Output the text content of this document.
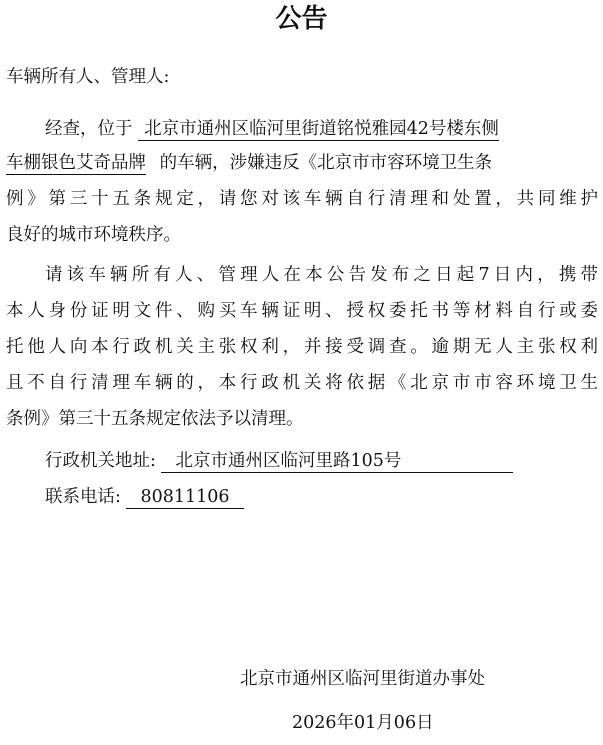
公告
车辆所有人、管理人:
经查，位于 北京市通州区临河里街道铭悦雅园42号楼东侧
车棚银色艾奇品牌 的车辆，涉嫌违反《北京市市容环境卫生条
例》第三十五条规定，请您对该车辆自行清理和处置，共同维护
良好的城市环境秩序。
请该车辆所有人、管理人在本公告发布之日起7日内，携带
本人身份证明文件、购买车辆证明、授权委托书等材料自行或委
托他人向本行政机关主张权利，并接受调查。逾期无人主张权利
且不自行清理车辆的，本行政机关将依据《北京市市容环境卫生
条例》第三十五条规定依法予以清理。
行政机关地址: 北京市通州区临河里路105号
联系电话: 80811106
北京市通州区临河里街道办事处
2026年01月06日
